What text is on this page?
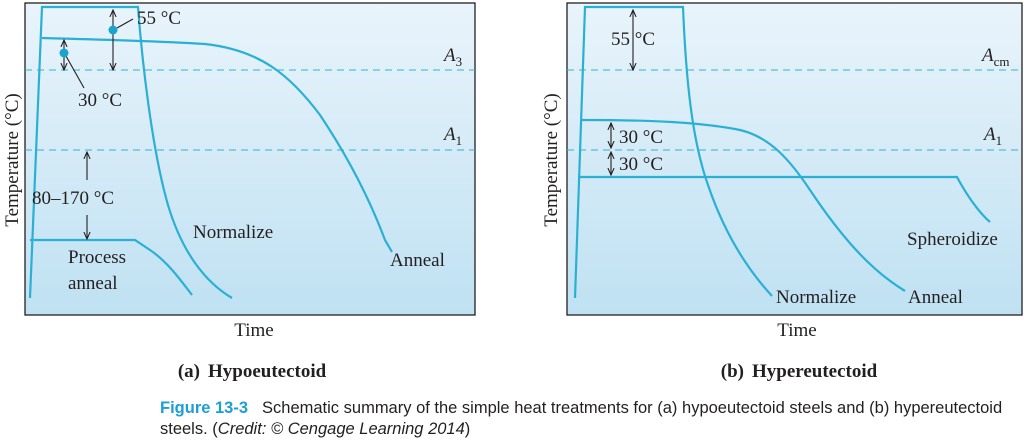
55 °C
30 °C
80–170 °C
$A_3$
$A_1$
Normalize
Anneal
Process
anneal
Temperature (°C)
Time
(a) Hypoeutectoid
55 °C
30 °C
30 °C
$A_{cm}$
$A_1$
Spheroidize
Normalize	Anneal
Temperature (°C)
Time
(b) Hypereutectoid

Figure 13-3 Schematic summary of the simple heat treatments for (a) hypoeutectoid steels and (b) hypereutectoid steels. (Credit: © Cengage Learning 2014)
